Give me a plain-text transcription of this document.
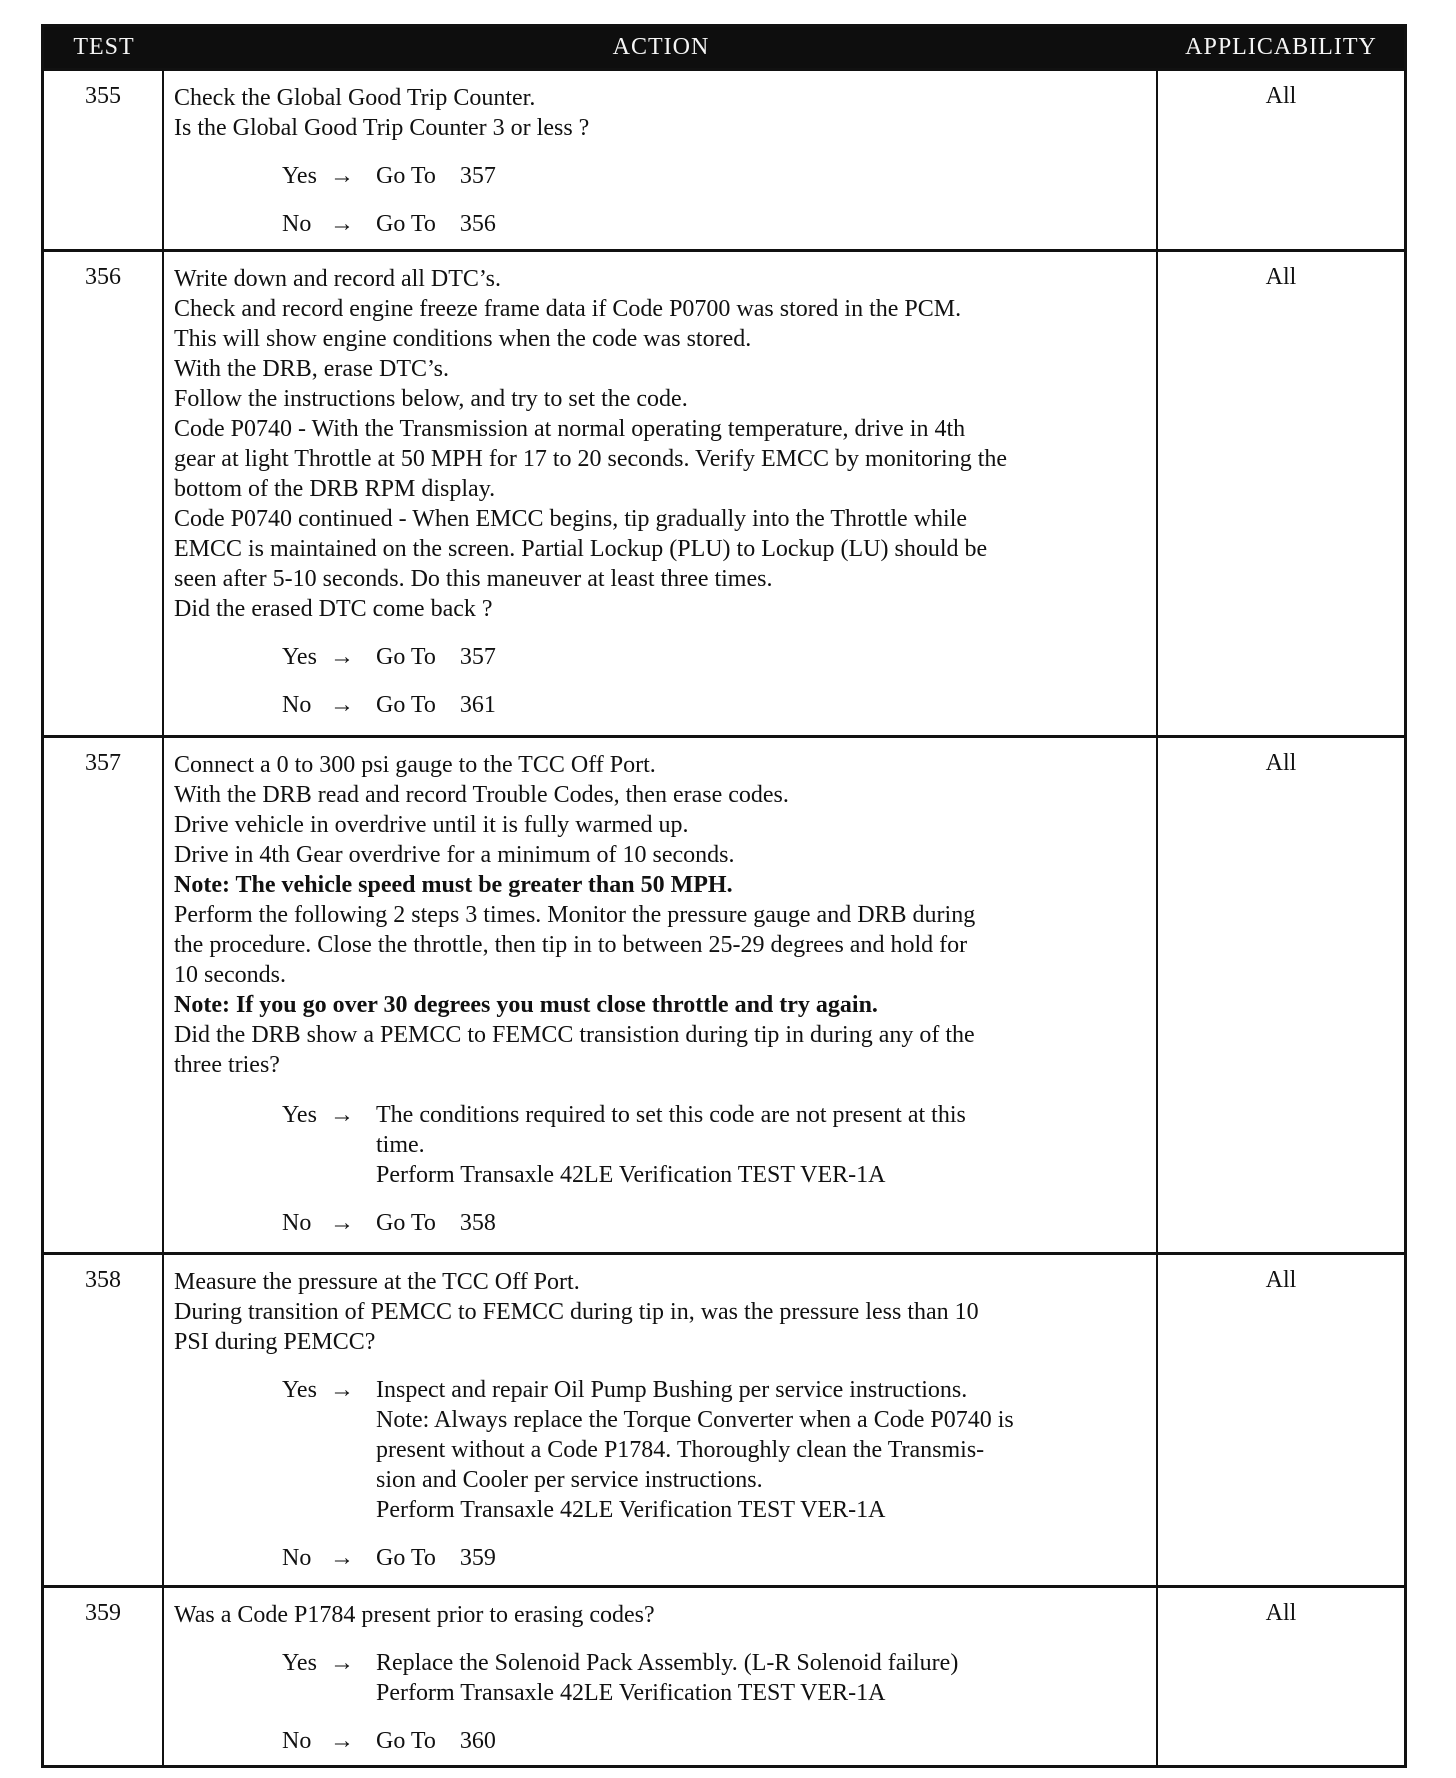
TEST	ACTION	APPLICABILITY
355	Check the Global Good Trip Counter.
Is the Global Good Trip Counter 3 or less ?
Yes → Go To 357
No → Go To 356
All
356	Write down and record all DTC’s.
Check and record engine freeze frame data if Code P0700 was stored in the PCM.
This will show engine conditions when the code was stored.
With the DRB, erase DTC’s.
Follow the instructions below, and try to set the code.
Code P0740 - With the Transmission at normal operating temperature, drive in 4th
gear at light Throttle at 50 MPH for 17 to 20 seconds. Verify EMCC by monitoring the
bottom of the DRB RPM display.
Code P0740 continued - When EMCC begins, tip gradually into the Throttle while
EMCC is maintained on the screen. Partial Lockup (PLU) to Lockup (LU) should be
seen after 5-10 seconds. Do this maneuver at least three times.
Did the erased DTC come back ?
Yes → Go To 357
No → Go To 361
All
357	Connect a 0 to 300 psi gauge to the TCC Off Port.
With the DRB read and record Trouble Codes, then erase codes.
Drive vehicle in overdrive until it is fully warmed up.
Drive in 4th Gear overdrive for a minimum of 10 seconds.
Note: The vehicle speed must be greater than 50 MPH.
Perform the following 2 steps 3 times. Monitor the pressure gauge and DRB during
the procedure. Close the throttle, then tip in to between 25-29 degrees and hold for
10 seconds.
Note: If you go over 30 degrees you must close throttle and try again.
Did the DRB show a PEMCC to FEMCC transistion during tip in during any of the
three tries?
Yes → The conditions required to set this code are not present at this
time.
Perform Transaxle 42LE Verification TEST VER-1A
No → Go To 358
All
358	Measure the pressure at the TCC Off Port.
During transition of PEMCC to FEMCC during tip in, was the pressure less than 10
PSI during PEMCC?
Yes → Inspect and repair Oil Pump Bushing per service instructions.
Note: Always replace the Torque Converter when a Code P0740 is
present without a Code P1784. Thoroughly clean the Transmis-
sion and Cooler per service instructions.
Perform Transaxle 42LE Verification TEST VER-1A
No → Go To 359
All
359	Was a Code P1784 present prior to erasing codes?
Yes → Replace the Solenoid Pack Assembly. (L-R Solenoid failure)
Perform Transaxle 42LE Verification TEST VER-1A
No → Go To 360
All
